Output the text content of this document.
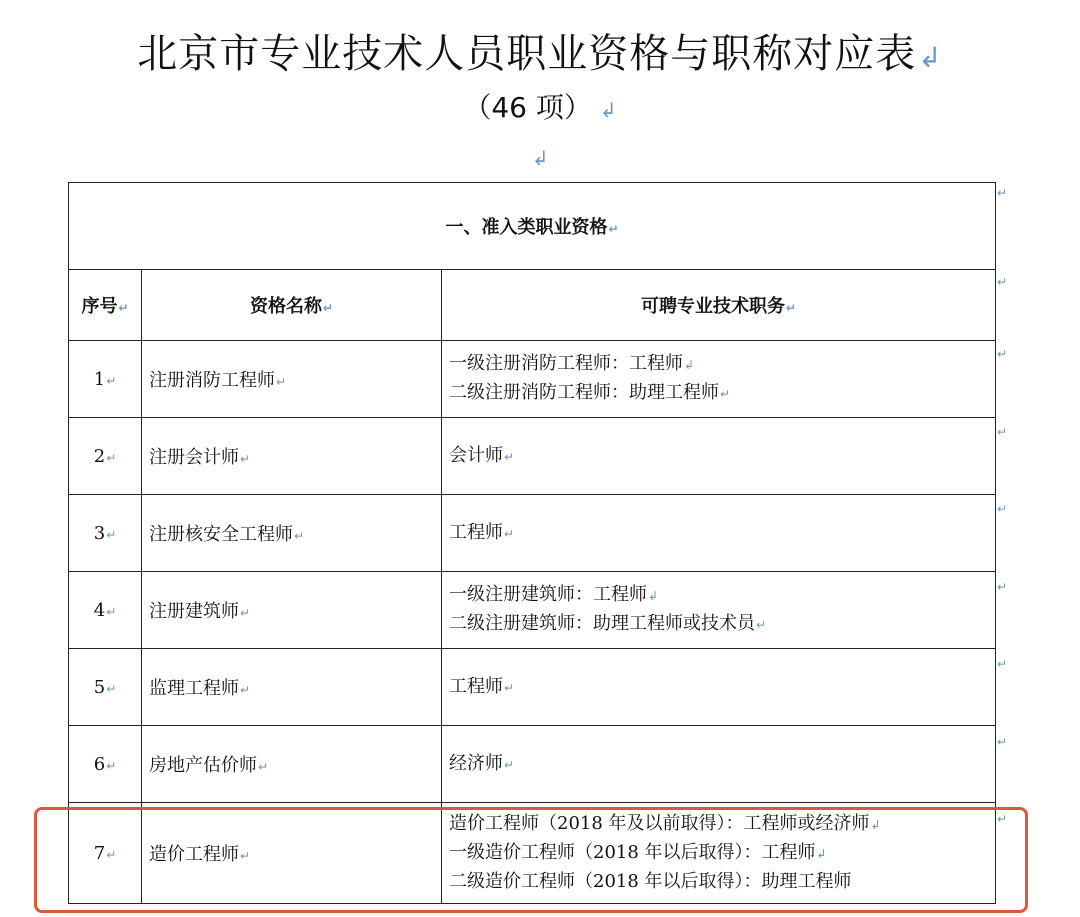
北京市专业技术人员职业资格与职称对应表↲
（46 项） ↲
↲
一、准入类职业资格↵		
序号↵	资格名称↵	可聘专业技术职务↵
1↵	注册消防工程师↵	一级注册消防工程师：工程师↲
二级注册消防工程师：助理工程师↵

2↵	注册会计师↵	会计师↵

3↵	注册核安全工程师↵	工程师↵

4↵	注册建筑师↵	一级注册建筑师：工程师↲
二级注册建筑师：助理工程师或技术员↵

5↵	监理工程师↵	工程师↵

6↵	房地产估价师↵	经济师↵

7↵	造价工程师↵	造价工程师（2018 年及以前取得）：工程师或经济师↲
一级造价工程师（2018 年以后取得）：工程师↲
二级造价工程师（2018 年以后取得）：助理工程师
↵
↵
↵
↵
↵
↵
↵
↵
↵
